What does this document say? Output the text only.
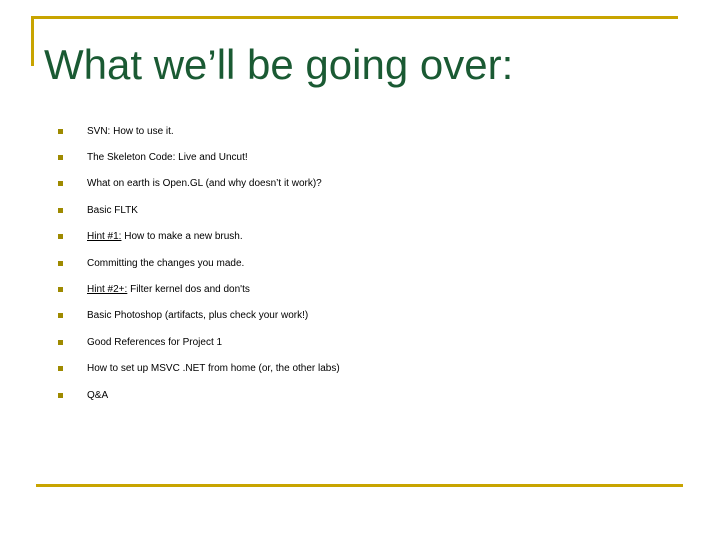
What we’ll be going over:
SVN: How to use it.
The Skeleton Code: Live and Uncut!
What on earth is Open.GL (and why doesn’t it work)?
Basic FLTK
Hint #1: How to make a new brush.
Committing the changes you made.
Hint #2+: Filter kernel dos and don'ts
Basic Photoshop (artifacts, plus check your work!)
Good References for Project 1
How to set up MSVC .NET from home (or, the other labs)
Q&A
